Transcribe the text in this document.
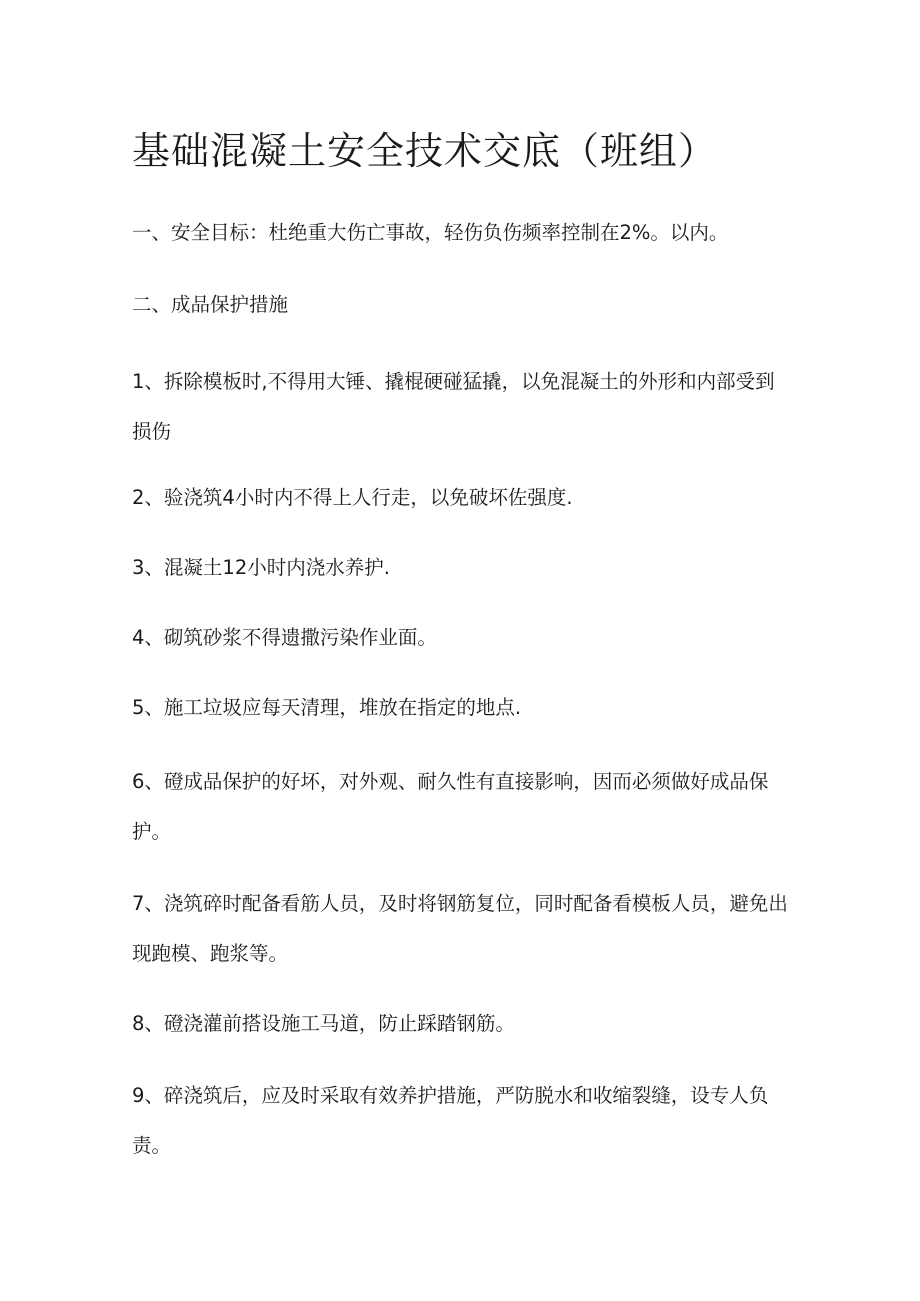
基础混凝土安全技术交底（班组）

一、安全目标：杜绝重大伤亡事故，轻伤负伤频率控制在2%。以内。

二、成品保护措施

1、拆除模板时,不得用大锤、撬棍硬碰猛撬，以免混凝土的外形和内部受到损伤

2、验浇筑4小时内不得上人行走，以免破坏佐强度.

3、混凝土12小时内浇水养护.

4、砌筑砂浆不得遗撒污染作业面。

5、施工垃圾应每天清理，堆放在指定的地点.

6、磴成品保护的好坏，对外观、耐久性有直接影响，因而必须做好成品保护。

7、浇筑碎时配备看筋人员，及时将钢筋复位，同时配备看模板人员，避免出现跑模、跑浆等。

8、磴浇灌前搭设施工马道，防止踩踏钢筋。

9、碎浇筑后，应及时采取有效养护措施，严防脱水和收缩裂缝，设专人负责。
